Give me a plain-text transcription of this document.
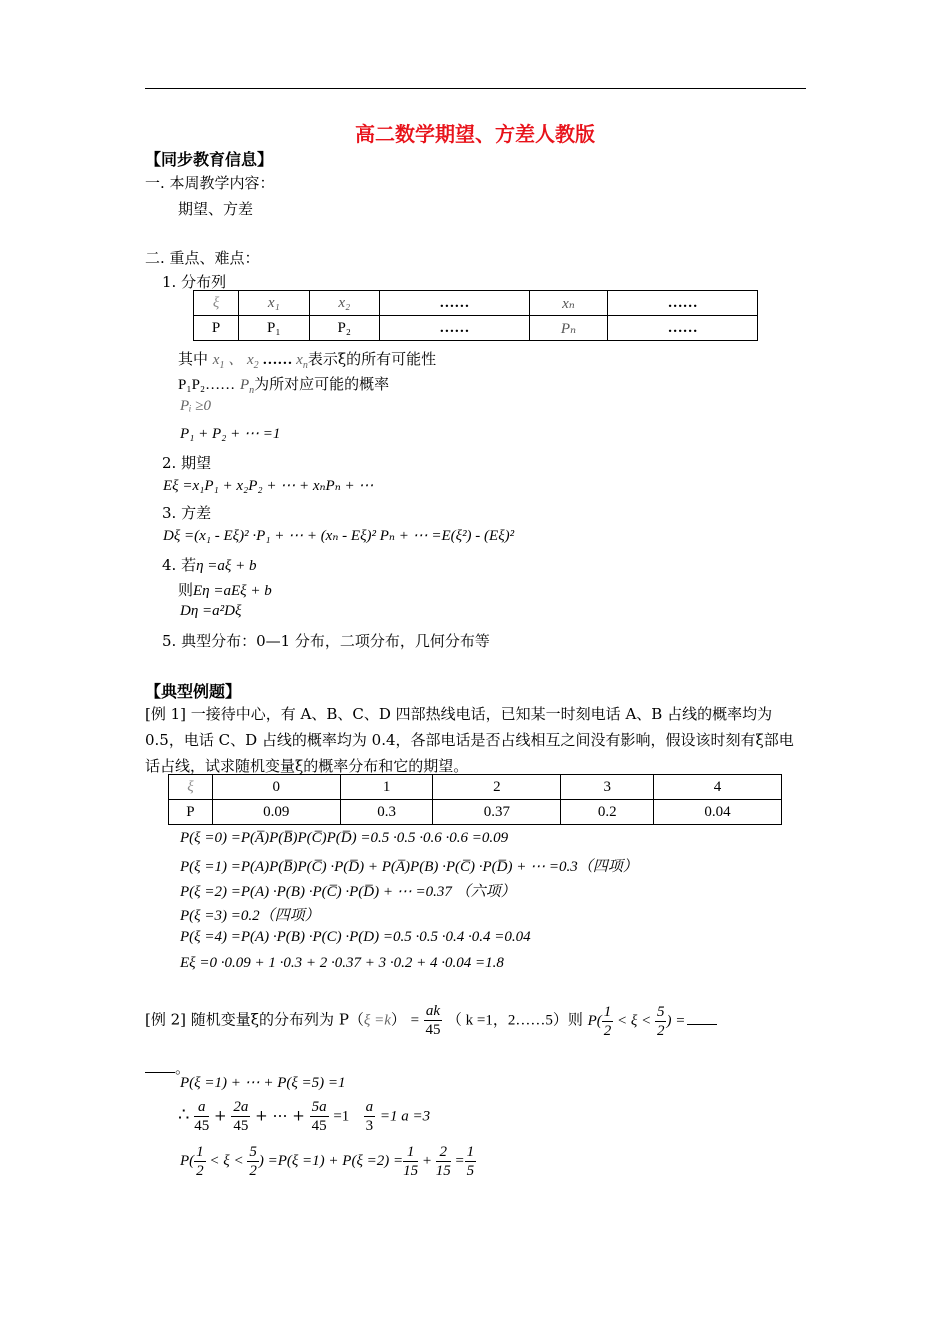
高二数学期望、方差人教版
【同步教育信息】
一. 本周教学内容：
期望、方差
二. 重点、难点：
1. 分布列
ξ	x₁	x₂	……	xₙ	……
P	P₁	P₂	……	Pₙ	……
其中 $x_1$ 、 $x_2$ …… $x_n$表示ξ的所有可能性
P₁P₂…… $P_n$为所对应可能的概率
Pᵢ ≥0
P₁ + P₂ + ⋯ =1
2. 期望
Eξ =x₁P₁ + x₂P₂ + ⋯ + xₙPₙ + ⋯
3. 方差
Dξ =(x₁ - Eξ)² ·P₁ + ⋯ + (xₙ - Eξ)² Pₙ + ⋯ =E(ξ²) - (Eξ)²
4. 若η =aξ + b
则Eη =aEξ + b
Dη =a²Dξ
5. 典型分布：0—1 分布，二项分布，几何分布等
【典型例题】
[例 1] 一接待中心，有 A、B、C、D 四部热线电话，已知某一时刻电话 A、B 占线的概率均为 0.5，电话 C、D 占线的概率均为 0.4，各部电话是否占线相互之间没有影响，假设该时刻有ξ部电话占线，试求随机变量ξ的概率分布和它的期望。
ξ	0	1	2	3	4
P	0.09	0.3	0.37	0.2	0.04
P(ξ =0) =P(A̅)P(B̅)P(C̅)P(D̅) =0.5 ·0.5 ·0.6 ·0.6 =0.09
P(ξ =1) =P(A)P(B̅)P(C̅) ·P(D̅) + P(A̅)P(B) ·P(C̅) ·P(D̅) + ⋯ =0.3（四项）
P(ξ =2) =P(A) ·P(B) ·P(C̅) ·P(D̅) + ⋯ =0.37 （六项）
P(ξ =3) =0.2（四项）
P(ξ =4) =P(A) ·P(B) ·P(C) ·P(D) =0.5 ·0.5 ·0.4 ·0.4 =0.04
Eξ =0 ·0.09 + 1 ·0.3 + 2 ·0.37 + 3 ·0.2 + 4 ·0.04 =1.8
[例 2] 随机变量ξ的分布列为 $P(\xi =k) = \frac{ak}{45}$ （ k =1，2……5）则 $P( \frac{1}{2} < \xi < \frac{5}{2}$ ) =
。
P(ξ =1) + ⋯ + P(ξ =5) =1
∴ $\frac{a}{45} + \frac{2a}{45}$ + ⋯ + $\frac{5a}{45} =1 \frac{a}{3} =1$ a =3
$P( \frac{1}{2} < \xi < \frac{5}{2}$ ) $=P(\xi =1) + P(\xi =2) = \frac{1}{15} + \frac{2}{15} = \frac{1}{5}$
